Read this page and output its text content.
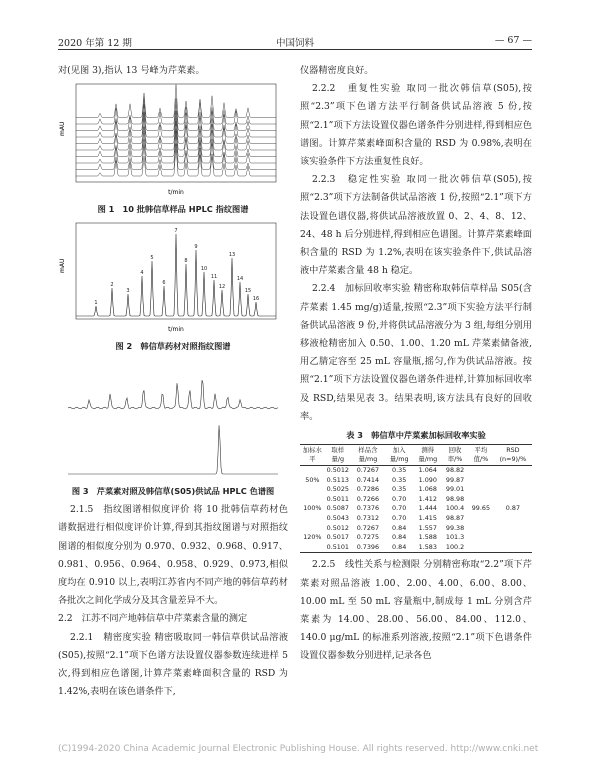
2020 年第 12 期	中国饲料	— 67 —

对(见图 3),指认 13 号峰为芹菜素。

mAU
t/min
图 1　10 批韩信草样品 HPLC 指纹图谱
1
2
3
4
5
6
7
8
9
10
11
12
13
14
15
16
mAU
t/min
图 2　韩信草药材对照指纹图谱
图 3　芹菜素对照及韩信草(S05)供试品 HPLC 色谱图
2.1.5　指纹图谱相似度评价 将 10 批韩信草药材色谱数据进行相似度评价计算,得到其指纹图谱与对照指纹图谱的相似度分别为 0.970、0.932、0.968、0.917、0.981、0.956、0.964、0.958、0.929、0.973,相似度均在 0.910 以上,表明江苏省内不同产地的韩信草药材各批次之间化学成分及其含量差异不大。

2.2　江苏不同产地韩信草中芹菜素含量的测定

2.2.1　精密度实验 精密吸取同一韩信草供试品溶液(S05),按照“2.1”项下色谱方法设置仪器参数连续进样 5 次,得到相应色谱图,计算芹菜素峰面积含量的 RSD 为 1.42%,表明在该色谱条件下,

仪器精密度良好。

2.2.2　重复性实验 取同一批次韩信草(S05),按照“2.3”项下色谱方法平行制备供试品溶液 5 份,按照“2.1”项下方法设置仪器色谱条件分别进样,得到相应色谱图。计算芹菜素峰面积含量的 RSD 为 0.98%,表明在该实验条件下方法重复性良好。
2.2.3　稳定性实验 取同一批次韩信草(S05),按照“2.3”项下方法制备供试品溶液 1 份,按照“2.1”项下方法设置色谱仪器,将供试品溶液放置 0、2、4、8、12、24、48 h 后分别进样,得到相应色谱图。计算芹菜素峰面积含量的 RSD 为 1.2%,表明在该实验条件下,供试品溶液中芹菜素含量 48 h 稳定。
2.2.4　加标回收率实验 精密称取韩信草样品 S05(含芹菜素 1.45 mg/g)适量,按照“2.3”项下实验方法平行制备供试品溶液 9 份,并将供试品溶液分为 3 组,每组分别用移液枪精密加入 0.50、1.00、1.20 mL 芹菜素储备液,用乙腈定容至 25 mL 容量瓶,摇匀,作为供试品溶液。按照“2.1”项下方法设置仪器色谱条件进样,计算加标回收率及 RSD,结果见表 3。结果表明,该方法具有良好的回收率。
表 3　韩信草中芹菜素加标回收率实验
加标水平	取样量/g	样品含量/mg	加入量/mg	测得量/mg	回收率/%	平均值/%	RSD (n=9)/%
50%	0.5012	0.7267	0.35	1.064	98.82	99.65	0.87
	0.5113	0.7414	0.35	1.090	99.87		
	0.5025	0.7286	0.35	1.068	99.01		
100%	0.5011	0.7266	0.70	1.412	98.98		
	0.5087	0.7376	0.70	1.444	100.4		
	0.5043	0.7312	0.70	1.415	98.87		
120%	0.5012	0.7267	0.84	1.557	99.38		
	0.5017	0.7275	0.84	1.588	101.3		
	0.5101	0.7396	0.84	1.583	100.2		
2.2.5　线性关系与检测限 分别精密称取“2.2”项下芹菜素对照品溶液 1.00、2.00、4.00、6.00、8.00、10.00 mL 至 50 mL 容量瓶中,制成每 1 mL 分别含芹菜素为 14.00、28.00、56.00、84.00、112.0、140.0 μg/mL 的标准系列溶液,按照“2.1”项下色谱条件设置仪器参数分别进样,记录各色
(C)1994-2020 China Academic Journal Electronic Publishing House. All rights reserved. http://www.cnki.net
